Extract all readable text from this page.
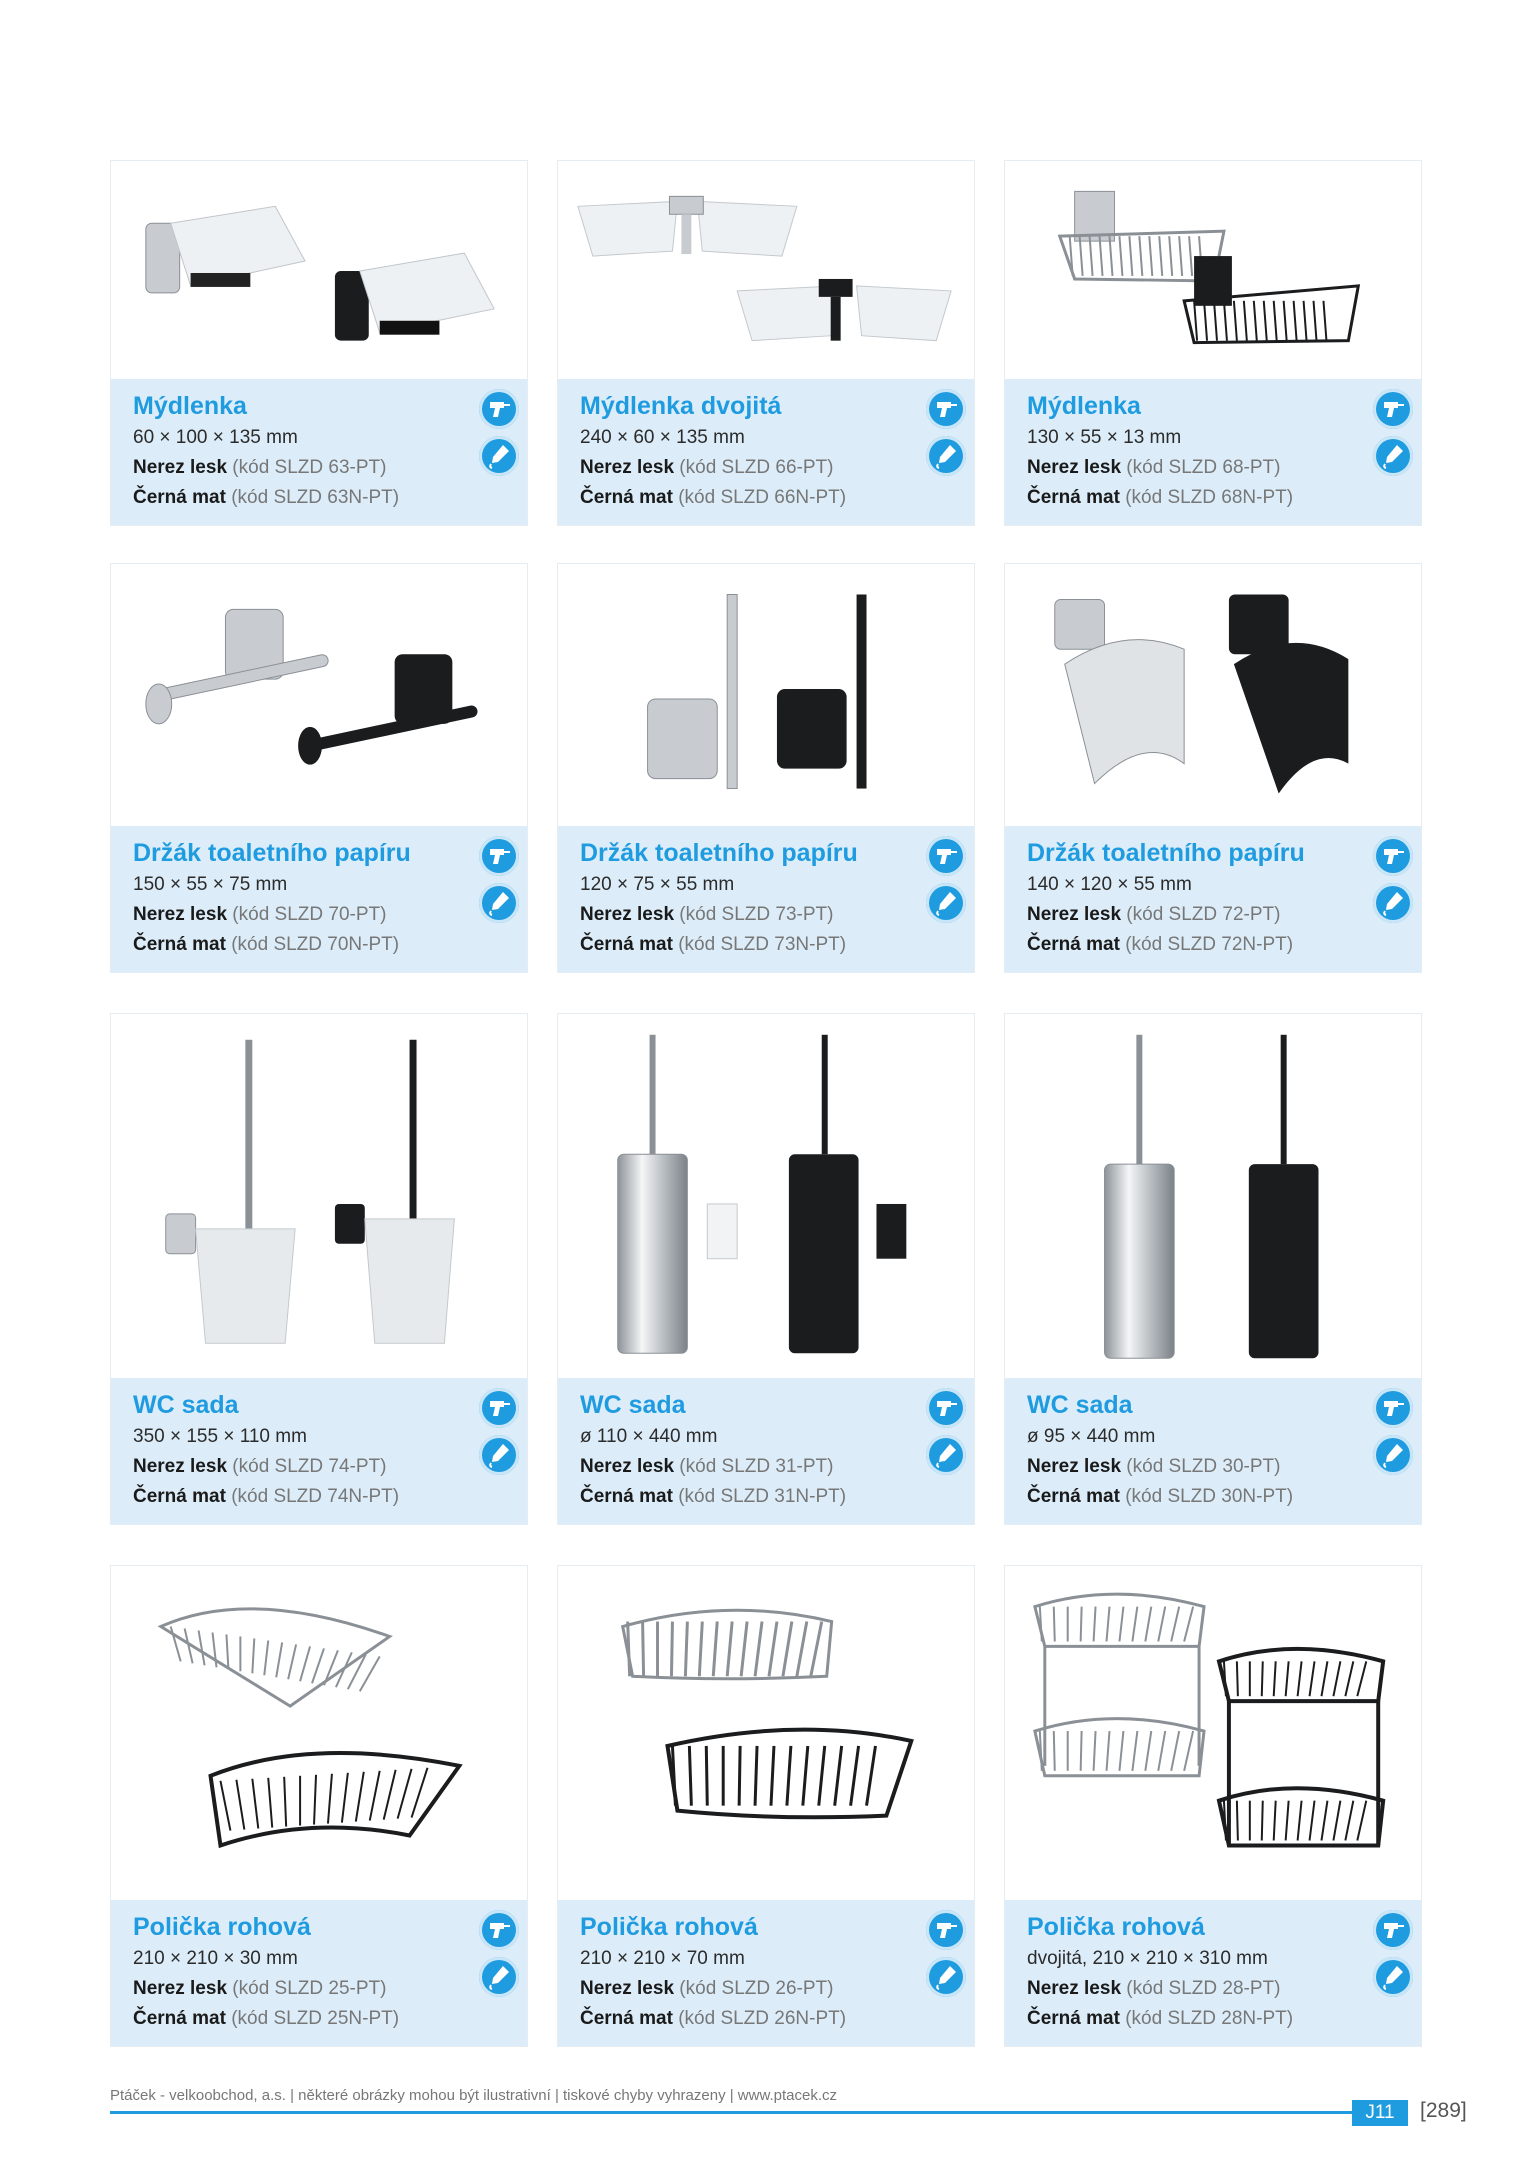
Mýdlenka
60 × 100 × 135 mm
Nerez lesk (kód SLZD 63-PT)
Černá mat (kód SLZD 63N-PT)
Mýdlenka dvojitá
240 × 60 × 135 mm
Nerez lesk (kód SLZD 66-PT)
Černá mat (kód SLZD 66N-PT)
Mýdlenka
130 × 55 × 13 mm
Nerez lesk (kód SLZD 68-PT)
Černá mat (kód SLZD 68N-PT)
Držák toaletního papíru
150 × 55 × 75 mm
Nerez lesk (kód SLZD 70-PT)
Černá mat (kód SLZD 70N-PT)
Držák toaletního papíru
120 × 75 × 55 mm
Nerez lesk (kód SLZD 73-PT)
Černá mat (kód SLZD 73N-PT)
Držák toaletního papíru
140 × 120 × 55 mm
Nerez lesk (kód SLZD 72-PT)
Černá mat (kód SLZD 72N-PT)
WC sada
350 × 155 × 110 mm
Nerez lesk (kód SLZD 74-PT)
Černá mat (kód SLZD 74N-PT)
WC sada
ø 110 × 440 mm
Nerez lesk (kód SLZD 31-PT)
Černá mat (kód SLZD 31N-PT)
WC sada
ø 95 × 440 mm
Nerez lesk (kód SLZD 30-PT)
Černá mat (kód SLZD 30N-PT)
Polička rohová
210 × 210 × 30 mm
Nerez lesk (kód SLZD 25-PT)
Černá mat (kód SLZD 25N-PT)
Polička rohová
210 × 210 × 70 mm
Nerez lesk (kód SLZD 26-PT)
Černá mat (kód SLZD 26N-PT)
Polička rohová
dvojitá, 210 × 210 × 310 mm
Nerez lesk (kód SLZD 28-PT)
Černá mat (kód SLZD 28N-PT)
Ptáček - velkoobchod, a.s. | některé obrázky mohou být ilustrativní | tiskové chyby vyhrazeny | www.ptacek.cz
J11	[289]
